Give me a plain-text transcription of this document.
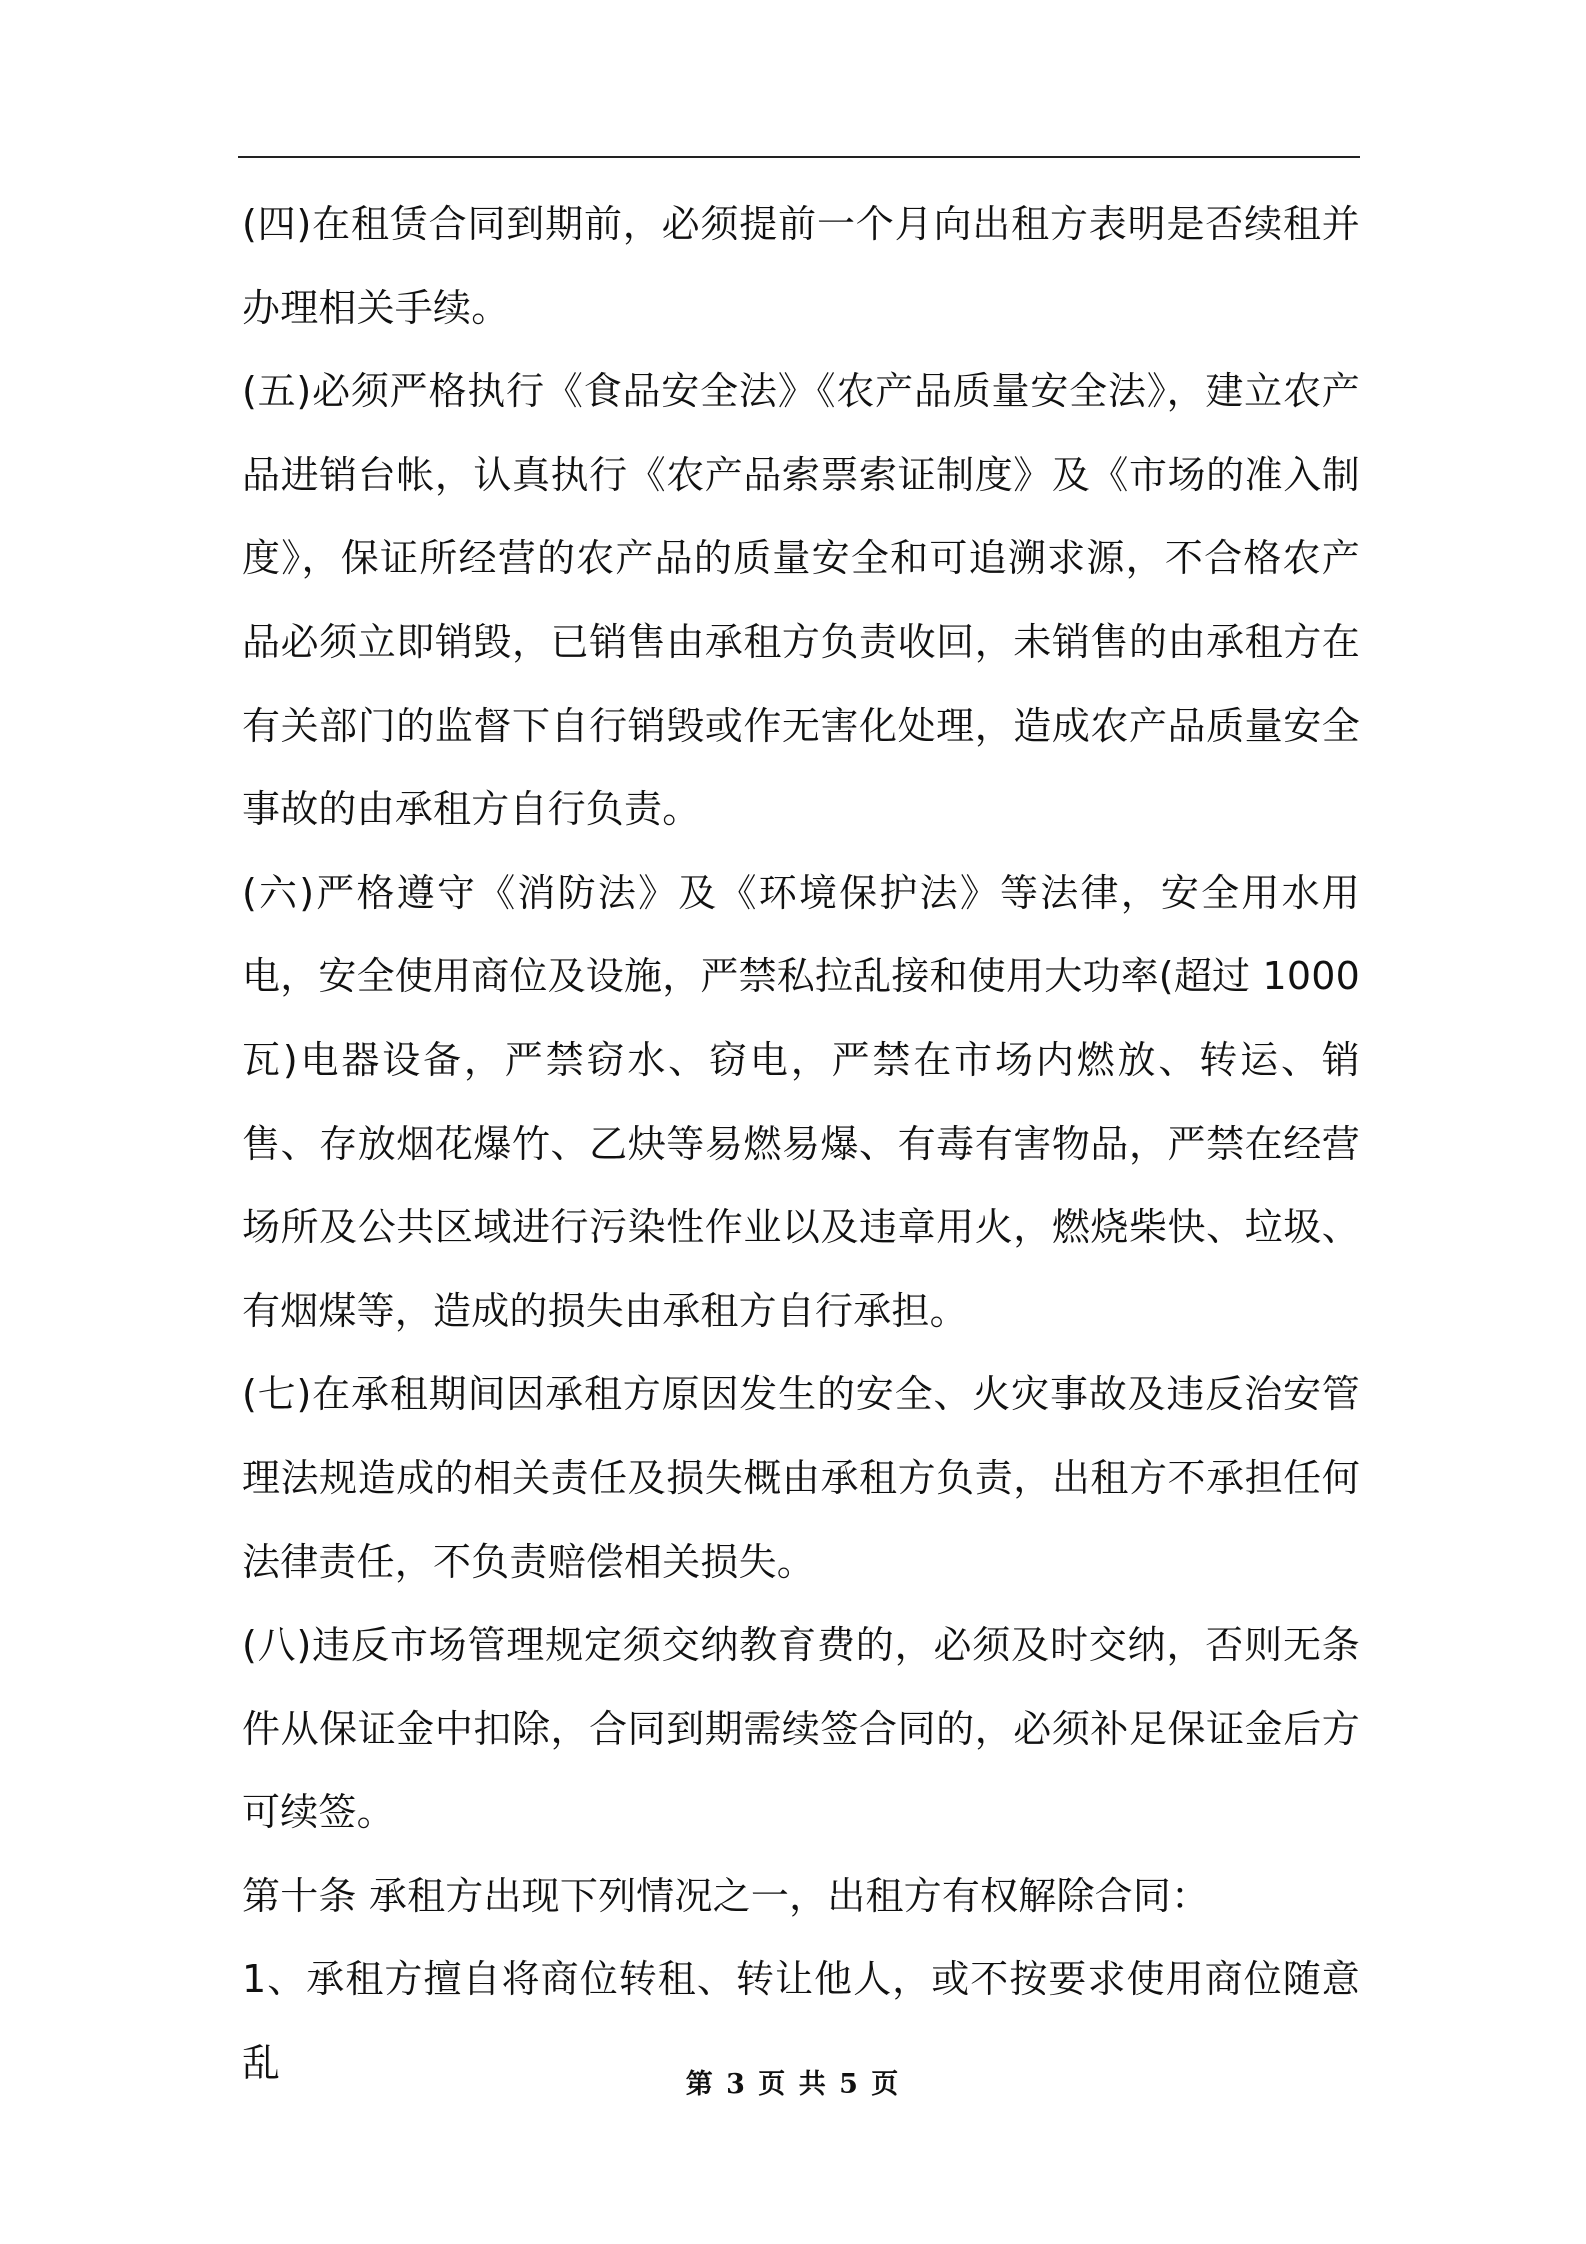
(四)在租赁合同到期前，必须提前一个月向出租方表明是否续租并办理相关手续。

(五)必须严格执行《食品安全法》《农产品质量安全法》，建立农产品进销台帐，认真执行《农产品索票索证制度》及《市场的准入制度》，保证所经营的农产品的质量安全和可追溯求源，不合格农产品必须立即销毁，已销售由承租方负责收回，未销售的由承租方在有关部门的监督下自行销毁或作无害化处理，造成农产品质量安全事故的由承租方自行负责。

(六)严格遵守《消防法》及《环境保护法》等法律，安全用水用电，安全使用商位及设施，严禁私拉乱接和使用大功率(超过 1000 瓦)电器设备，严禁窃水、窃电，严禁在市场内燃放、转运、销售、存放烟花爆竹、乙炔等易燃易爆、有毒有害物品，严禁在经营场所及公共区域进行污染性作业以及违章用火，燃烧柴快、垃圾、有烟煤等，造成的损失由承租方自行承担。

(七)在承租期间因承租方原因发生的安全、火灾事故及违反治安管理法规造成的相关责任及损失概由承租方负责，出租方不承担任何法律责任，不负责赔偿相关损失。

(八)违反市场管理规定须交纳教育费的，必须及时交纳，否则无条件从保证金中扣除，合同到期需续签合同的，必须补足保证金后方可续签。

第十条 承租方出现下列情况之一，出租方有权解除合同：

1、承租方擅自将商位转租、转让他人，或不按要求使用商位随意乱	第 3 页 共 5 页
